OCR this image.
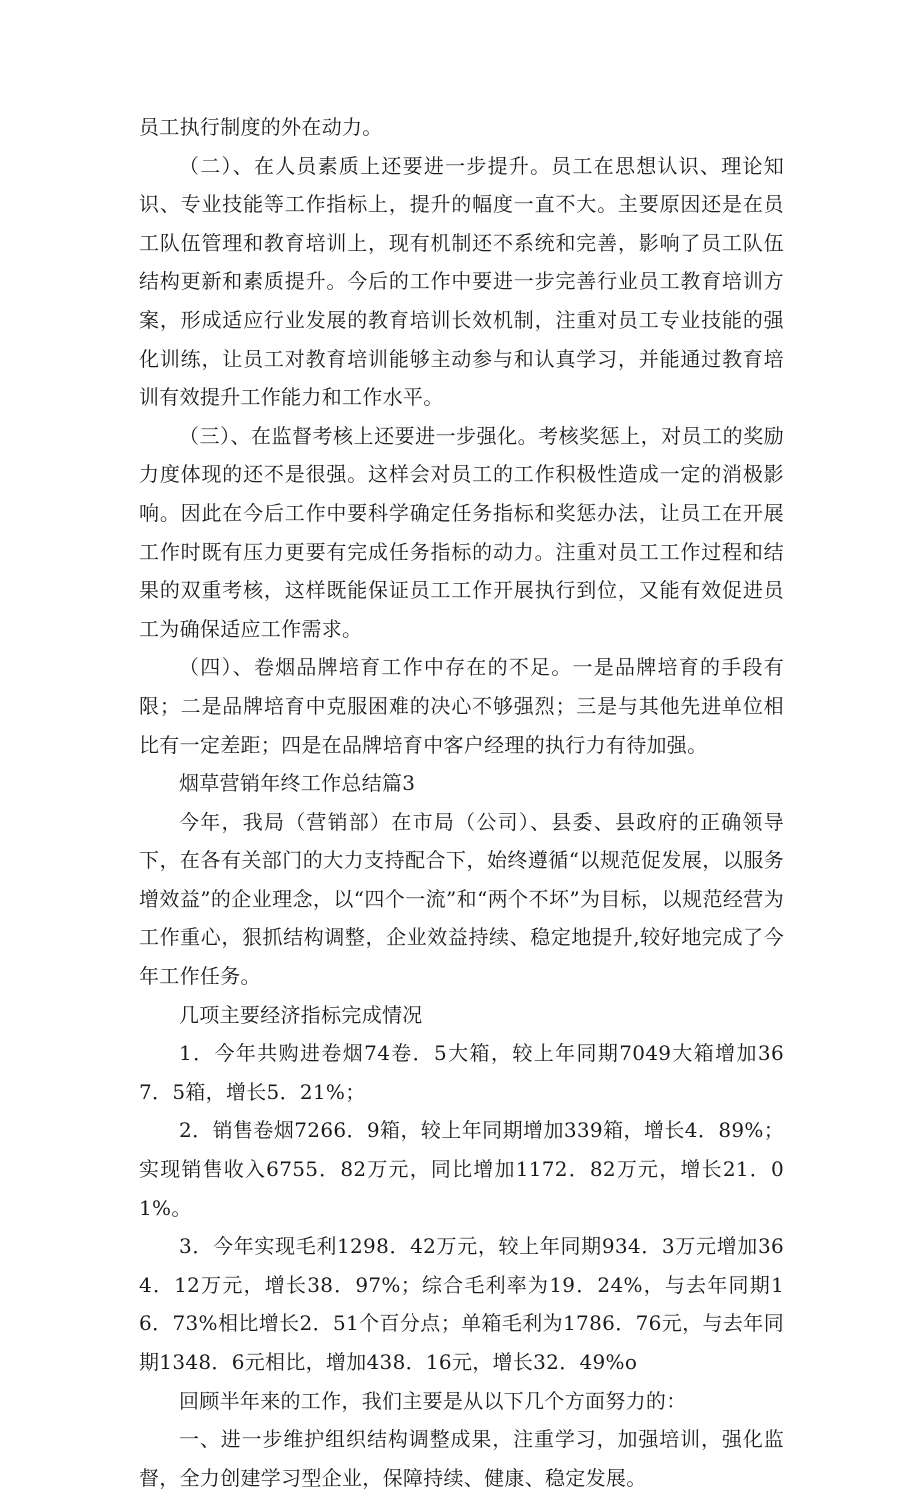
员工执行制度的外在动力。

（二）、在人员素质上还要进一步提升。员工在思想认识、理论知识、专业技能等工作指标上，提升的幅度一直不大。主要原因还是在员工队伍管理和教育培训上，现有机制还不系统和完善，影响了员工队伍结构更新和素质提升。今后的工作中要进一步完善行业员工教育培训方案，形成适应行业发展的教育培训长效机制，注重对员工专业技能的强化训练，让员工对教育培训能够主动参与和认真学习，并能通过教育培训有效提升工作能力和工作水平。

（三）、在监督考核上还要进一步强化。考核奖惩上，对员工的奖励力度体现的还不是很强。这样会对员工的工作积极性造成一定的消极影响。因此在今后工作中要科学确定任务指标和奖惩办法，让员工在开展工作时既有压力更要有完成任务指标的动力。注重对员工工作过程和结果的双重考核，这样既能保证员工工作开展执行到位，又能有效促进员工为确保适应工作需求。

（四）、卷烟品牌培育工作中存在的不足。一是品牌培育的手段有限；二是品牌培育中克服困难的决心不够强烈；三是与其他先进单位相比有一定差距；四是在品牌培育中客户经理的执行力有待加强。

烟草营销年终工作总结篇3

今年，我局（营销部）在市局（公司）、县委、县政府的正确领导下，在各有关部门的大力支持配合下，始终遵循“以规范促发展，以服务增效益”的企业理念，以“四个一流”和“两个不坏”为目标，以规范经营为工作重心，狠抓结构调整，企业效益持续、稳定地提升,较好地完成了今年工作任务。

几项主要经济指标完成情况

1．今年共购进卷烟74卷．5大箱，较上年同期7049大箱增加367．5箱，增长5．21%；

2．销售卷烟7266．9箱，较上年同期增加339箱，增长4．89%；实现销售收入6755．82万元，同比增加1172．82万元，增长21．01%。

3．今年实现毛利1298．42万元，较上年同期934．3万元增加364．12万元，增长38．97%；综合毛利率为19．24%，与去年同期16．73%相比增长2．51个百分点；单箱毛利为1786．76元，与去年同期1348．6元相比，增加438．16元，增长32．49%o

回顾半年来的工作，我们主要是从以下几个方面努力的：

一、进一步维护组织结构调整成果，注重学习，加强培训，强化监督，全力创建学习型企业，保障持续、健康、稳定发展。
